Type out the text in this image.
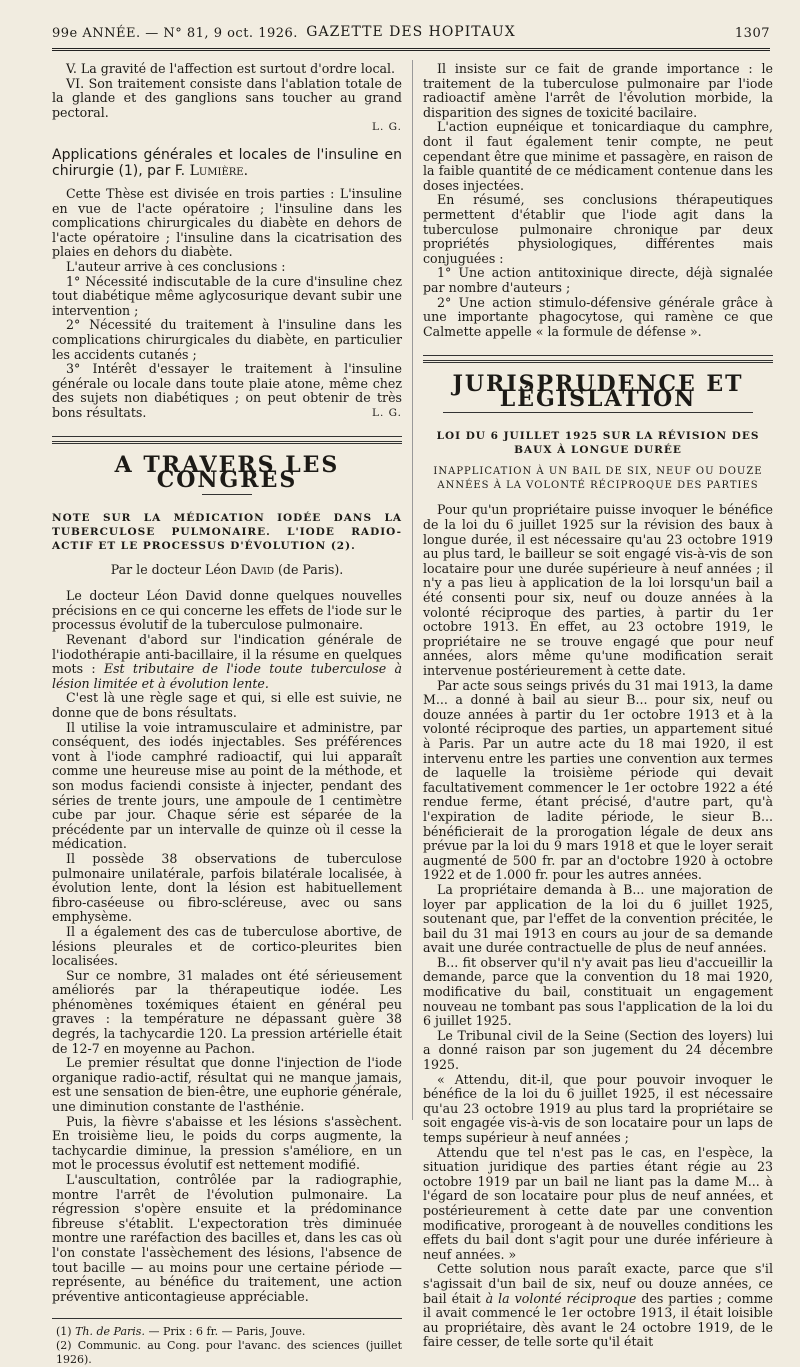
99e ANNÉE. — N° 81, 9 oct. 1926. GAZETTE DES HOPITAUX	1307

V. La gravité de l'affection est surtout d'ordre local.

VI. Son traitement consiste dans l'ablation totale de la glande et des ganglions sans toucher au grand pectoral.

L. G.

Applications générales et locales de l'insuline en chirurgie (1), par F. Lumière.

Cette Thèse est divisée en trois parties : L'insuline en vue de l'acte opératoire ; l'insuline dans les complications chirurgicales du diabète en dehors de l'acte opératoire ; l'insuline dans la cicatrisation des plaies en dehors du diabète.

L'auteur arrive à ces conclusions :

1° Nécessité indiscutable de la cure d'insuline chez tout diabétique même aglycosurique devant subir une intervention ;

2° Nécessité du traitement à l'insuline dans les complications chirurgicales du diabète, en particulier les accidents cutanés ;

3° Intérêt d'essayer le traitement à l'insuline générale ou locale dans toute plaie atone, même chez des sujets non diabétiques ; on peut obtenir de très bons résultats.	L. G.

A TRAVERS LES CONGRÈS

NOTE SUR LA MÉDICATION IODÉE DANS LA TUBERCULOSE PULMONAIRE. L'IODE RADIO-ACTIF ET LE PROCESSUS D'ÉVOLUTION (2).

Par le docteur Léon David (de Paris).

Le docteur Léon David donne quelques nouvelles précisions en ce qui concerne les effets de l'iode sur le processus évolutif de la tuberculose pulmonaire.

Revenant d'abord sur l'indication générale de l'iodothérapie anti-bacillaire, il la résume en quelques mots : Est tributaire de l'iode toute tuberculose à lésion limitée et à évolution lente.

C'est là une règle sage et qui, si elle est suivie, ne donne que de bons résultats.

Il utilise la voie intramusculaire et administre, par conséquent, des iodés injectables. Ses préférences vont à l'iode camphré radioactif, qui lui apparaît comme une heureuse mise au point de la méthode, et son modus faciendi consiste à injecter, pendant des séries de trente jours, une ampoule de 1 centimètre cube par jour. Chaque série est séparée de la précédente par un intervalle de quinze où il cesse la médication.

Il possède 38 observations de tuberculose pulmonaire unilatérale, parfois bilatérale localisée, à évolution lente, dont la lésion est habituellement fibro-caséeuse ou fibro-scléreuse, avec ou sans emphysème.

Il a également des cas de tuberculose abortive, de lésions pleurales et de cortico-pleurites bien localisées.

Sur ce nombre, 31 malades ont été sérieusement améliorés par la thérapeutique iodée. Les phénomènes toxémiques étaient en général peu graves : la température ne dépassant guère 38 degrés, la tachycardie 120. La pression artérielle était de 12-7 en moyenne au Pachon.

Le premier résultat que donne l'injection de l'iode organique radio-actif, résultat qui ne manque jamais, est une sensation de bien-être, une euphorie générale, une diminution constante de l'asthénie.

Puis, la fièvre s'abaisse et les lésions s'assèchent. En troisième lieu, le poids du corps augmente, la tachycardie diminue, la pression s'améliore, en un mot le processus évolutif est nettement modifié.

L'auscultation, contrôlée par la radiographie, montre l'arrêt de l'évolution pulmonaire. La régression s'opère ensuite et la prédominance fibreuse s'établit. L'expectoration très diminuée montre une raréfaction des bacilles et, dans les cas où l'on constate l'assèchement des lésions, l'absence de tout bacille — au moins pour une certaine période — représente, au bénéfice du traitement, une action préventive anticontagieuse appréciable.

(1) Th. de Paris. — Prix : 6 fr. — Paris, Jouve.
(2) Communic. au Cong. pour l'avanc. des sciences (juillet 1926).

Il insiste sur ce fait de grande importance : le traitement de la tuberculose pulmonaire par l'iode radioactif amène l'arrêt de l'évolution morbide, la disparition des signes de toxicité bacilaire.

L'action eupnéique et tonicardiaque du camphre, dont il faut également tenir compte, ne peut cependant être que minime et passagère, en raison de la faible quantité de ce médicament contenue dans les doses injectées.

En résumé, ses conclusions thérapeutiques permettent d'établir que l'iode agit dans la tuberculose pulmonaire chronique par deux propriétés physiologiques, différentes mais conjuguées :

1° Une action antitoxinique directe, déjà signalée par nombre d'auteurs ;

2° Une action stimulo-défensive générale grâce à une importante phagocytose, qui ramène ce que Calmette appelle « la formule de défense ».

JURISPRUDENCE ET LÉGISLATION

LOI DU 6 JUILLET 1925 SUR LA RÉVISION DES BAUX À LONGUE DURÉE

INAPPLICATION À UN BAIL DE SIX, NEUF OU DOUZE ANNÉES À LA VOLONTÉ RÉCIPROQUE DES PARTIES

Pour qu'un propriétaire puisse invoquer le bénéfice de la loi du 6 juillet 1925 sur la révision des baux à longue durée, il est nécessaire qu'au 23 octobre 1919 au plus tard, le bailleur se soit engagé vis-à-vis de son locataire pour une durée supérieure à neuf années ; il n'y a pas lieu à application de la loi lorsqu'un bail a été consenti pour six, neuf ou douze années à la volonté réciproque des parties, à partir du 1er octobre 1913. En effet, au 23 octobre 1919, le propriétaire ne se trouve engagé que pour neuf années, alors même qu'une modification serait intervenue postérieurement à cette date.

Par acte sous seings privés du 31 mai 1913, la dame M... a donné à bail au sieur B... pour six, neuf ou douze années à partir du 1er octobre 1913 et à la volonté réciproque des parties, un appartement situé à Paris. Par un autre acte du 18 mai 1920, il est intervenu entre les parties une convention aux termes de laquelle la troisième période qui devait facultativement commencer le 1er octobre 1922 a été rendue ferme, étant précisé, d'autre part, qu'à l'expiration de ladite période, le sieur B... bénéficierait de la prorogation légale de deux ans prévue par la loi du 9 mars 1918 et que le loyer serait augmenté de 500 fr. par an d'octobre 1920 à octobre 1922 et de 1.000 fr. pour les autres années.

La propriétaire demanda à B... une majoration de loyer par application de la loi du 6 juillet 1925, soutenant que, par l'effet de la convention précitée, le bail du 31 mai 1913 en cours au jour de sa demande avait une durée contractuelle de plus de neuf années.

B... fit observer qu'il n'y avait pas lieu d'accueillir la demande, parce que la convention du 18 mai 1920, modificative du bail, constituait un engagement nouveau ne tombant pas sous l'application de la loi du 6 juillet 1925.

Le Tribunal civil de la Seine (Section des loyers) lui a donné raison par son jugement du 24 décembre 1925.

« Attendu, dit-il, que pour pouvoir invoquer le bénéfice de la loi du 6 juillet 1925, il est nécessaire qu'au 23 octobre 1919 au plus tard la propriétaire se soit engagée vis-à-vis de son locataire pour un laps de temps supérieur à neuf années ;

Attendu que tel n'est pas le cas, en l'espèce, la situation juridique des parties étant régie au 23 octobre 1919 par un bail ne liant pas la dame M... à l'égard de son locataire pour plus de neuf années, et postérieurement à cette date par une convention modificative, prorogeant à de nouvelles conditions les effets du bail dont s'agit pour une durée inférieure à neuf années. »

Cette solution nous paraît exacte, parce que s'il s'agissait d'un bail de six, neuf ou douze années, ce bail était à la volonté réciproque des parties ; comme il avait commencé le 1er octobre 1913, il était loisible au propriétaire, dès avant le 24 octobre 1919, de le faire cesser, de telle sorte qu'il était
